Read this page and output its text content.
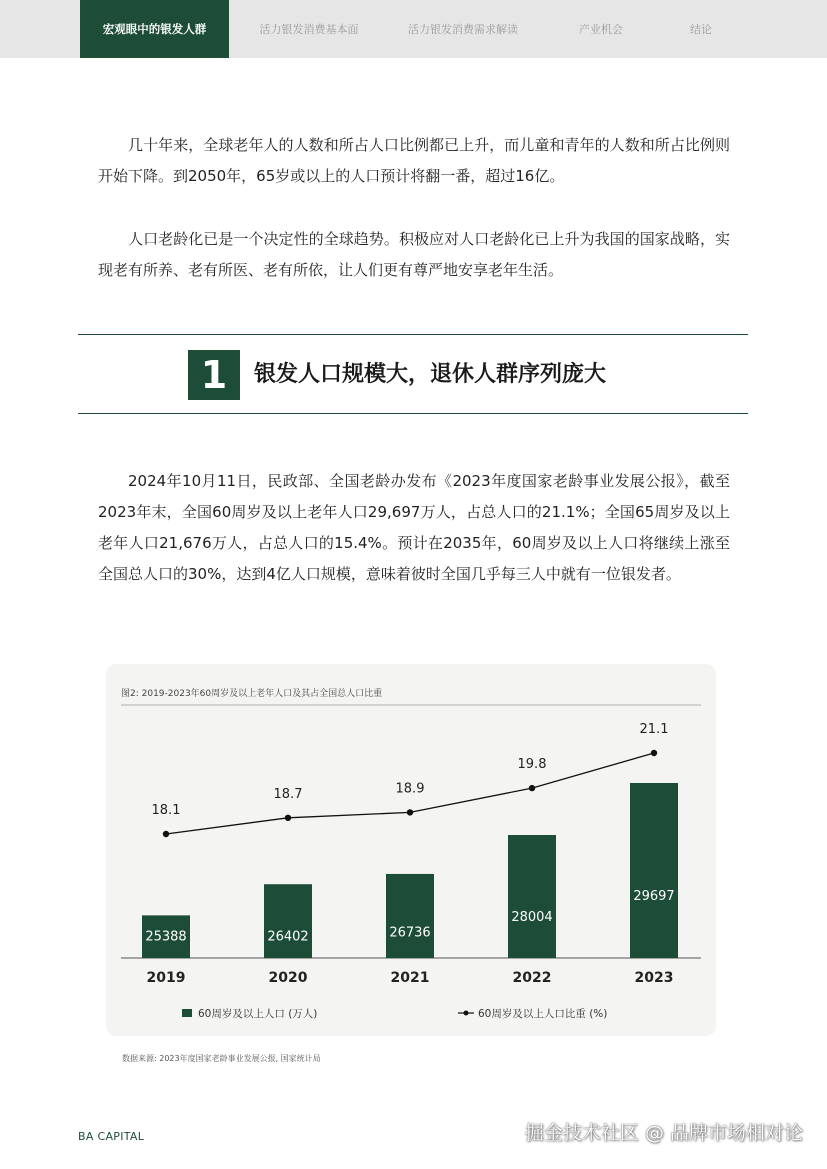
宏观眼中的银发人群	活力银发消费基本面	活力银发消费需求解读	产业机会	结论

几十年来，全球老年人的人数和所占人口比例都已上升，而儿童和青年的人数和所占比例则开始下降。到2050年，65岁或以上的人口预计将翻一番，超过16亿。

人口老龄化已是一个决定性的全球趋势。积极应对人口老龄化已上升为我国的国家战略，实现老有所养、老有所医、老有所依，让人们更有尊严地安享老年生活。

1	银发人口规模大，退休人群序列庞大

2024年10月11日，民政部、全国老龄办发布《2023年度国家老龄事业发展公报》，截至2023年末，全国60周岁及以上老年人口29,697万人，占总人口的21.1%；全国65周岁及以上老年人口21,676万人，占总人口的15.4%。预计在2035年，60周岁及以上人口将继续上涨至全国总人口的30%，达到4亿人口规模，意味着彼时全国几乎每三人中就有一位银发者。

图2: 2019-2023年60周岁及以上老年人口及其占全国总人口比重
25388	26402	26736
28004
29697
18.1
18.7	18.9
19.8
21.1
2019	2020	2021	2022	2023
60周岁及以上人口 (万人)	60周岁及以上人口比重 (%)
数据来源: 2023年度国家老龄事业发展公报, 国家统计局
BA CAPITAL	掘金技术社区 @ 品牌市场相对论
